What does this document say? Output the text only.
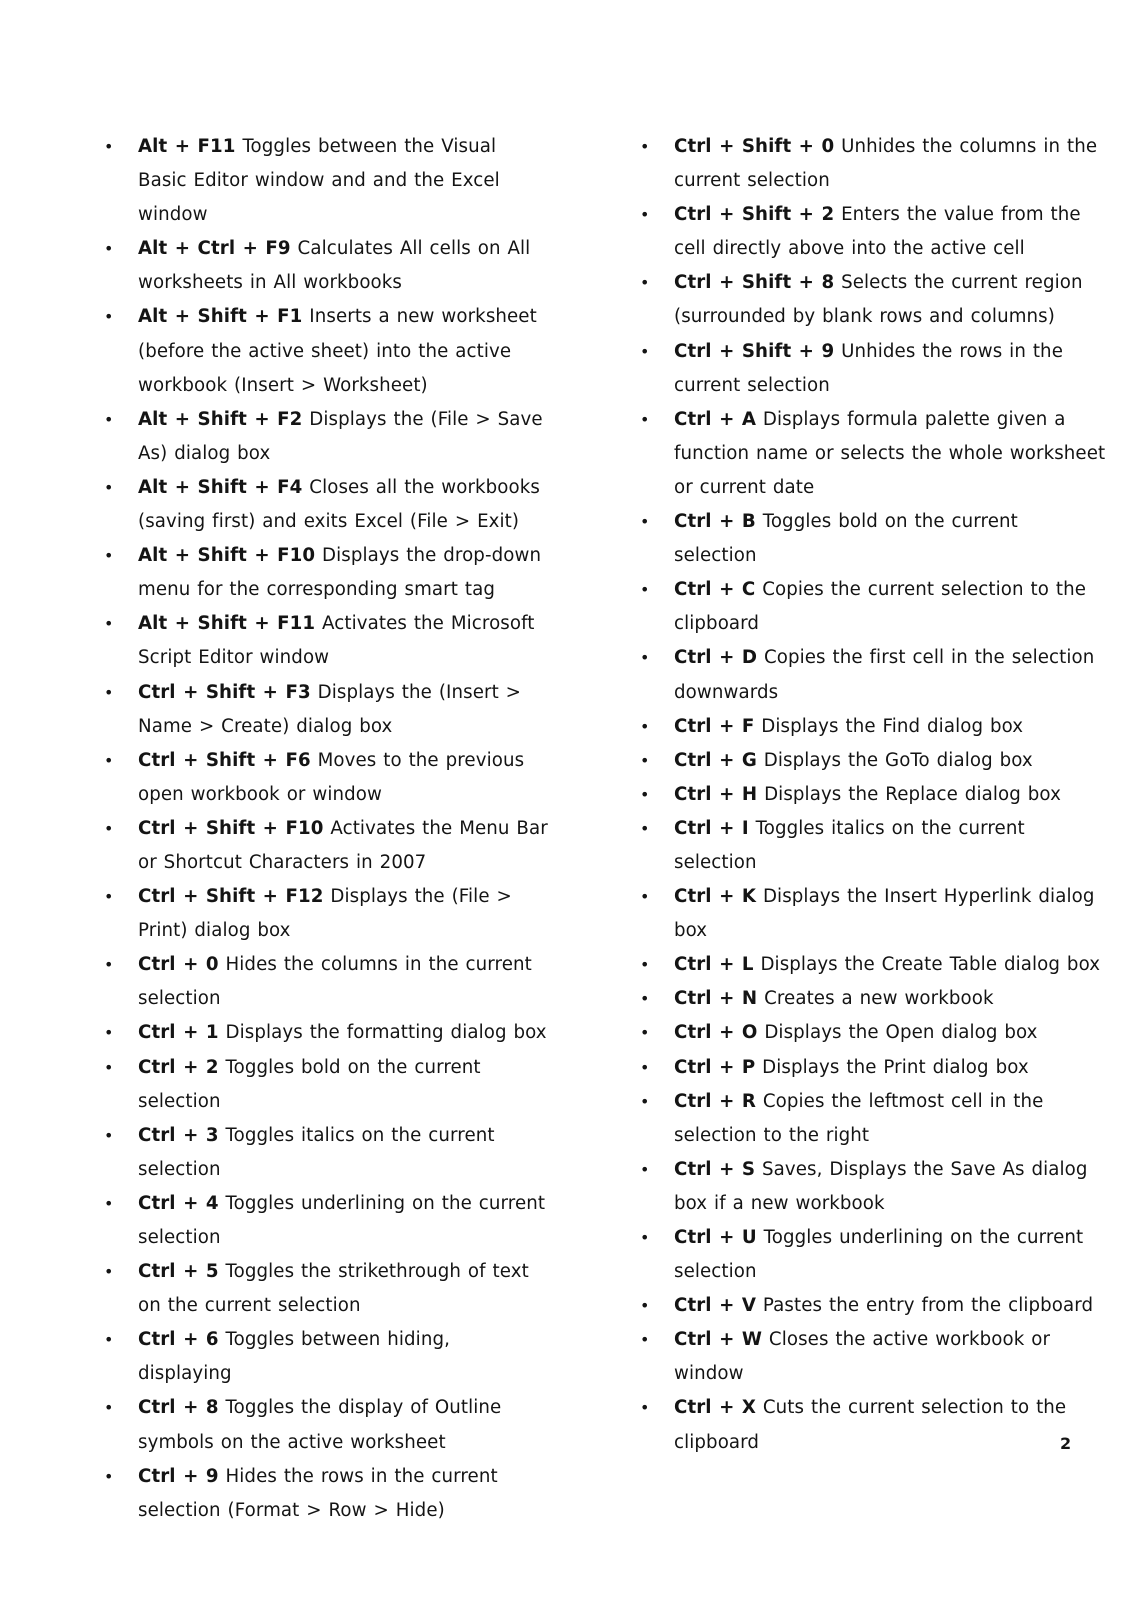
• Alt + F11 Toggles between the Visual Basic Editor window and and the Excel window
• Alt + Ctrl + F9 Calculates All cells on All worksheets in All workbooks
• Alt + Shift + F1 Inserts a new worksheet (before the active sheet) into the active workbook (Insert > Worksheet)
• Alt + Shift + F2 Displays the (File > Save As) dialog box
• Alt + Shift + F4 Closes all the workbooks (saving first) and exits Excel (File > Exit)
• Alt + Shift + F10 Displays the drop-down menu for the corresponding smart tag
• Alt + Shift + F11 Activates the Microsoft Script Editor window
• Ctrl + Shift + F3 Displays the (Insert > Name > Create) dialog box
• Ctrl + Shift + F6 Moves to the previous open workbook or window
• Ctrl + Shift + F10 Activates the Menu Bar or Shortcut Characters in 2007
• Ctrl + Shift + F12 Displays the (File > Print) dialog box
• Ctrl + 0 Hides the columns in the current selection
• Ctrl + 1 Displays the formatting dialog box
• Ctrl + 2 Toggles bold on the current selection
• Ctrl + 3 Toggles italics on the current selection
• Ctrl + 4 Toggles underlining on the current selection
• Ctrl + 5 Toggles the strikethrough of text on the current selection
• Ctrl + 6 Toggles between hiding, displaying
• Ctrl + 8 Toggles the display of Outline symbols on the active worksheet
• Ctrl + 9 Hides the rows in the current selection (Format > Row > Hide)
• Ctrl + Shift + 0 Unhides the columns in the current selection
• Ctrl + Shift + 2 Enters the value from the cell directly above into the active cell
• Ctrl + Shift + 8 Selects the current region (surrounded by blank rows and columns)
• Ctrl + Shift + 9 Unhides the rows in the current selection
• Ctrl + A Displays formula palette given a function name or selects the whole worksheet or current date
• Ctrl + B Toggles bold on the current selection
• Ctrl + C Copies the current selection to the clipboard
• Ctrl + D Copies the first cell in the selection downwards
• Ctrl + F Displays the Find dialog box
• Ctrl + G Displays the GoTo dialog box
• Ctrl + H Displays the Replace dialog box
• Ctrl + I Toggles italics on the current selection
• Ctrl + K Displays the Insert Hyperlink dialog box
• Ctrl + L Displays the Create Table dialog box
• Ctrl + N Creates a new workbook
• Ctrl + O Displays the Open dialog box
• Ctrl + P Displays the Print dialog box
• Ctrl + R Copies the leftmost cell in the selection to the right
• Ctrl + S Saves, Displays the Save As dialog box if a new workbook
• Ctrl + U Toggles underlining on the current selection
• Ctrl + V Pastes the entry from the clipboard
• Ctrl + W Closes the active workbook or window
• Ctrl + X Cuts the current selection to the clipboard	2
